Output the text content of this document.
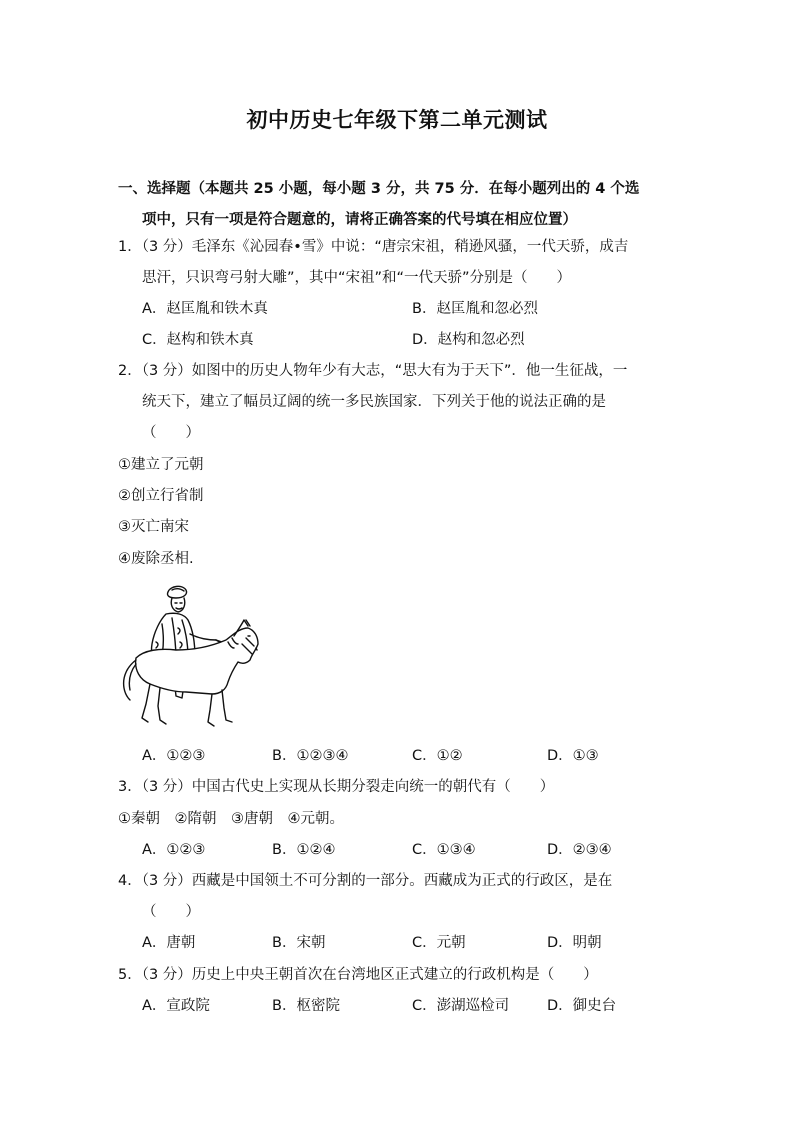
初中历史七年级下第二单元测试
一、选择题（本题共 25 小题，每小题 3 分，共 75 分．在每小题列出的 4 个选
项中，只有一项是符合题意的，请将正确答案的代号填在相应位置）
1．（3 分）毛泽东《沁园春•雪》中说：“唐宗宋祖，稍逊风骚，一代天骄，成吉
思汗，只识弯弓射大雕”，其中“宋祖”和“一代天骄”分别是（　　）
A．赵匡胤和铁木真	B．赵匡胤和忽必烈
C．赵构和铁木真	D．赵构和忽必烈
2．（3 分）如图中的历史人物年少有大志，“思大有为于天下”．他一生征战，一
统天下，建立了幅员辽阔的统一多民族国家．下列关于他的说法正确的是
（　　）
①建立了元朝
②创立行省制
③灭亡南宋
④废除丞相.
A．①②③	B．①②③④	C．①②	D．①③
3．（3 分）中国古代史上实现从长期分裂走向统一的朝代有（　　）
①秦朝　②隋朝　③唐朝　④元朝。
A．①②③	B．①②④	C．①③④	D．②③④
4．（3 分）西藏是中国领土不可分割的一部分。西藏成为正式的行政区，是在
（　　）
A．唐朝	B．宋朝	C．元朝	D．明朝
5．（3 分）历史上中央王朝首次在台湾地区正式建立的行政机构是（　　）
A．宣政院	B．枢密院	C．澎湖巡检司	D．御史台
